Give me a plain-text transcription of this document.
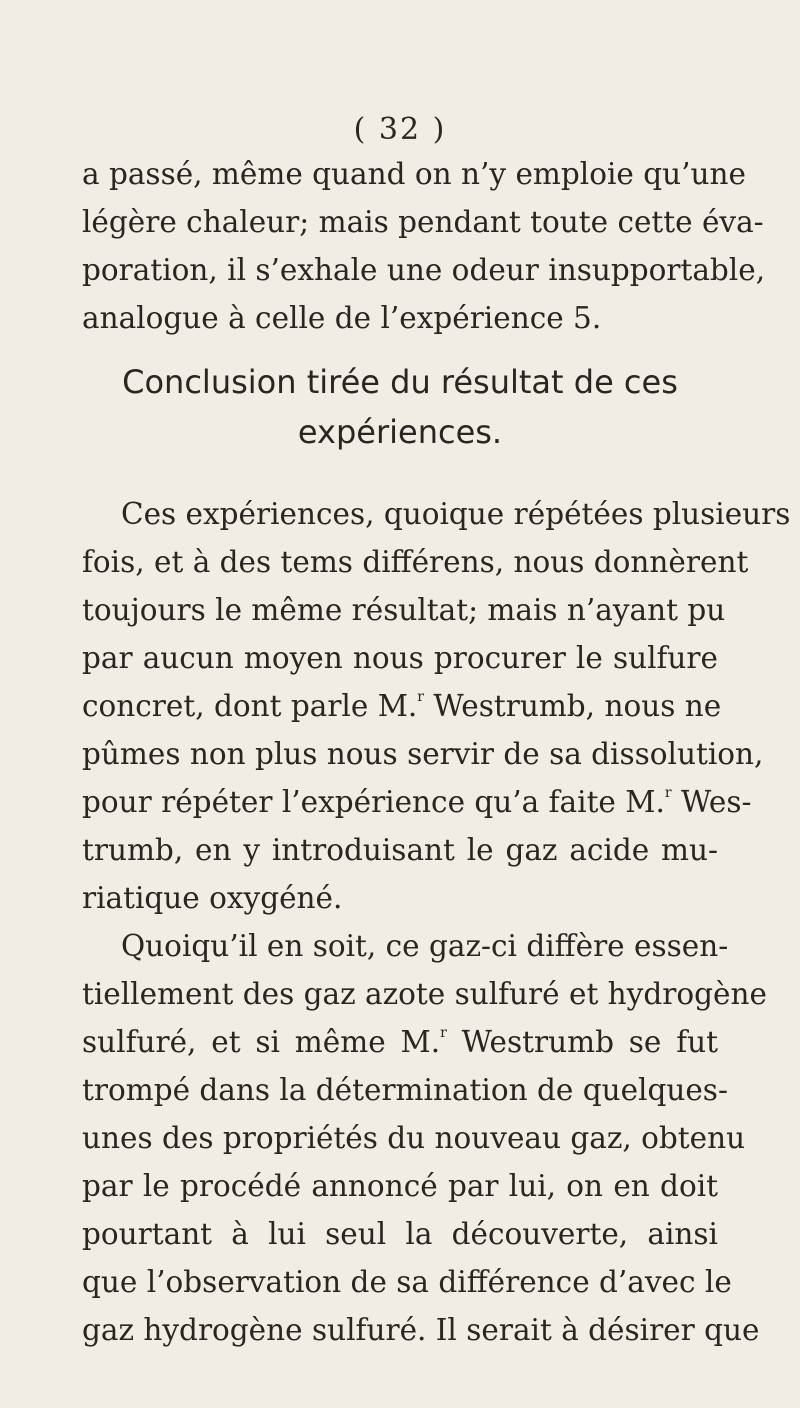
( 32 )
a passé, même quand on n’y emploie qu’une
légère chaleur; mais pendant toute cette éva-
poration, il s’exhale une odeur insupportable,
analogue à celle de l’expérience 5.
Conclusion tirée du résultat de ces
expériences.
Ces expériences, quoique répétées plusieurs
fois, et à des tems différens, nous donnèrent
toujours le même résultat; mais n’ayant pu
par aucun moyen nous procurer le sulfure
concret, dont parle M.$^r$ Westrumb, nous ne
pûmes non plus nous servir de sa dissolution,
pour répéter l’expérience qu’a faite M.$^r$ Wes-
trumb, en y introduisant le gaz acide mu-
riatique oxygéné.
Quoiqu’il en soit, ce gaz-ci diffère essen-
tiellement des gaz azote sulfuré et hydrogène
sulfuré, et si même M.$^r$ Westrumb se fut
trompé dans la détermination de quelques-
unes des propriétés du nouveau gaz, obtenu
par le procédé annoncé par lui, on en doit
pourtant à lui seul la découverte, ainsi
que l’observation de sa différence d’avec le
gaz hydrogène sulfuré. Il serait à désirer que
